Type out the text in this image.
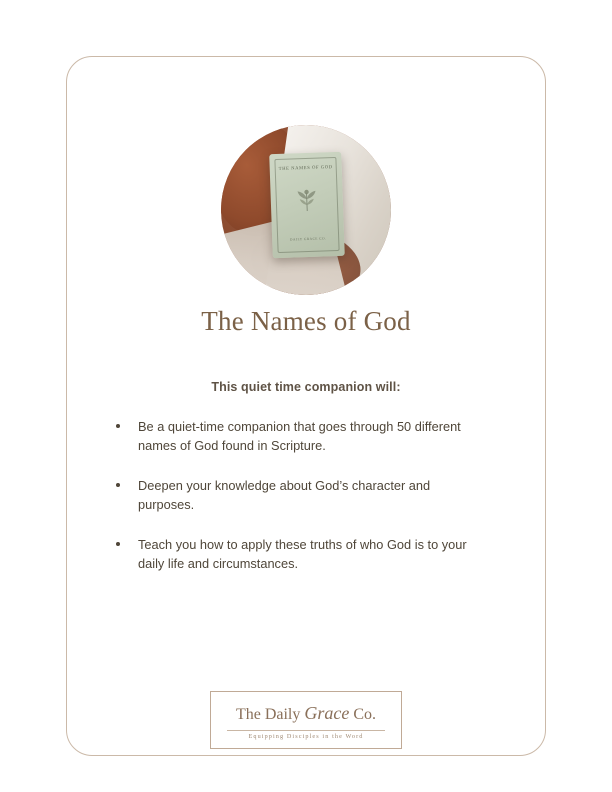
THE NAMES OF GOD
DAILY GRACE CO.
The Names of God
This quiet time companion will:
Be a quiet-time companion that goes through 50 different names of God found in Scripture.
Deepen your knowledge about God’s character and purposes.
Teach you how to apply these truths of who God is to your daily life and circumstances.
The Daily Grace Co.
Equipping Disciples in the Word
